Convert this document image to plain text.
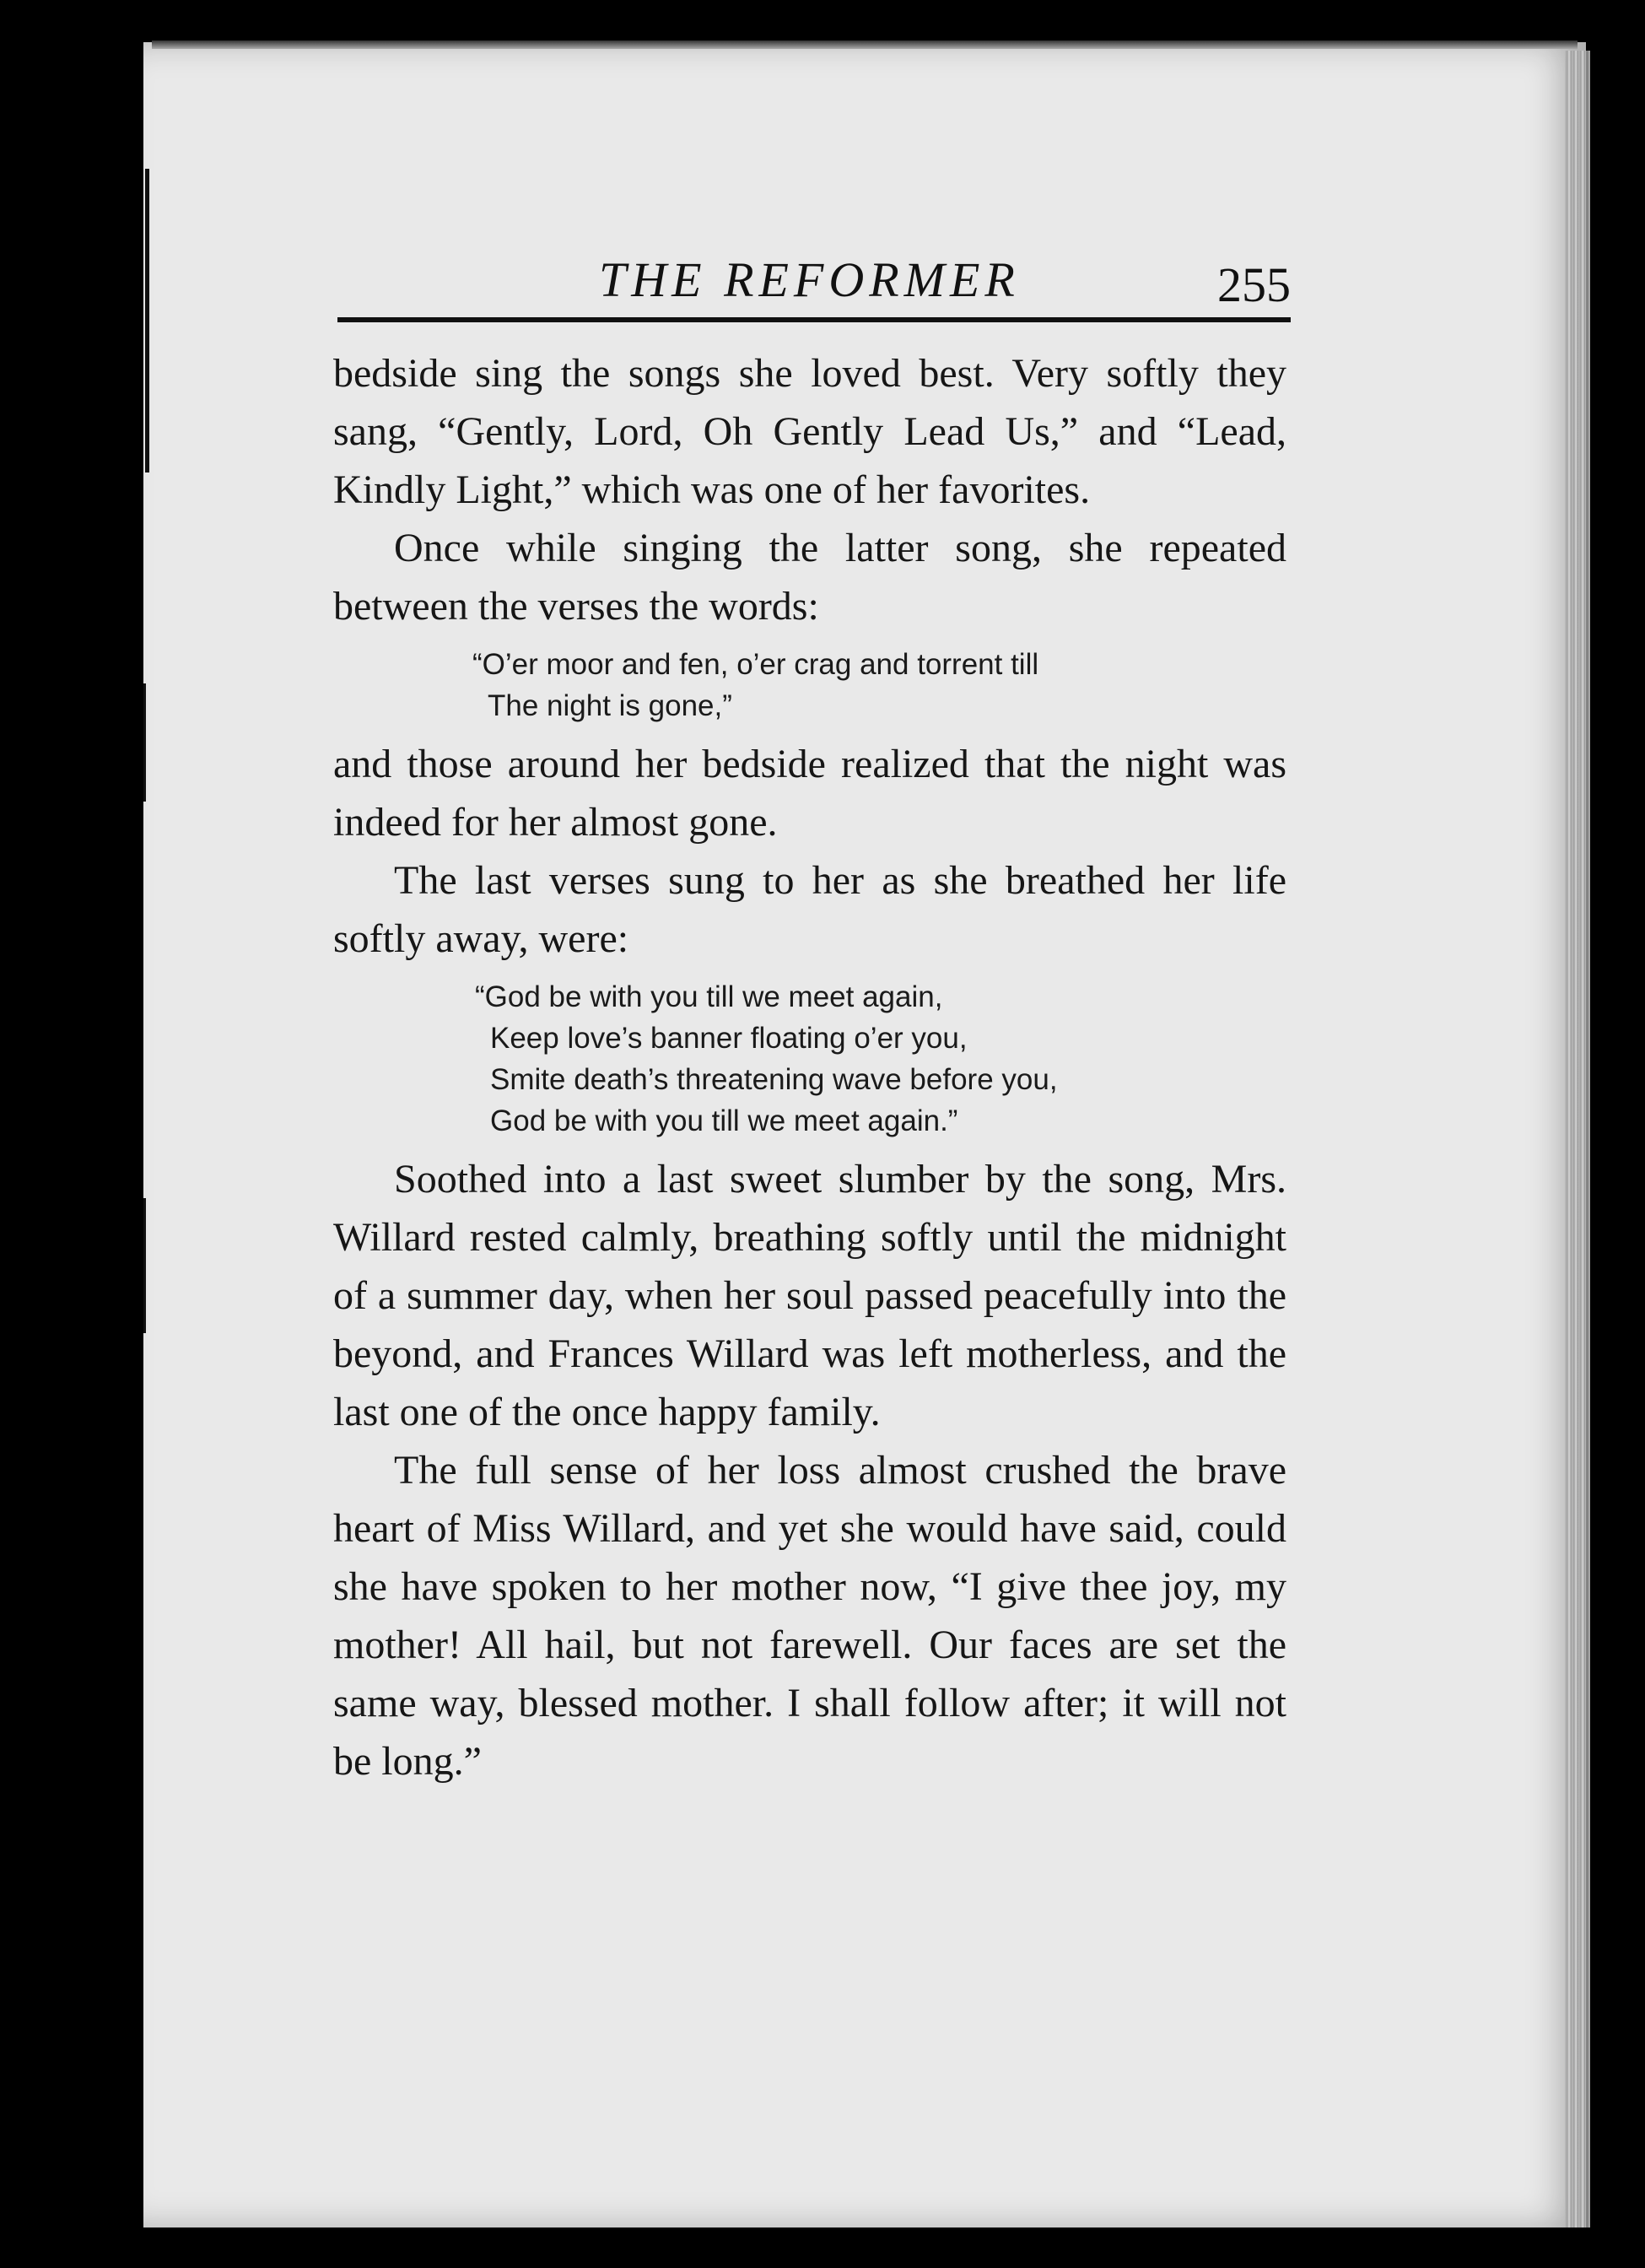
THE REFORMER	255

bedside sing the songs she loved best. Very softly they sang, “Gently, Lord, Oh Gently Lead Us,” and “Lead, Kindly Light,” which was one of her favorites.

Once while singing the latter song, she repeated between the verses the words:

“O’er moor and fen, o’er crag and torrent till
The night is gone,”

and those around her bedside realized that the night was indeed for her almost gone.

The last verses sung to her as she breathed her life softly away, were:

“God be with you till we meet again,
Keep love’s banner floating o’er you,
Smite death’s threatening wave before you,
God be with you till we meet again.”

Soothed into a last sweet slumber by the song, Mrs. Willard rested calmly, breathing softly until the midnight of a summer day, when her soul passed peacefully into the beyond, and Frances Willard was left motherless, and the last one of the once happy family.

The full sense of her loss almost crushed the brave heart of Miss Willard, and yet she would have said, could she have spoken to her mother now, “I give thee joy, my mother! All hail, but not farewell. Our faces are set the same way, blessed mother. I shall follow after; it will not be long.”
